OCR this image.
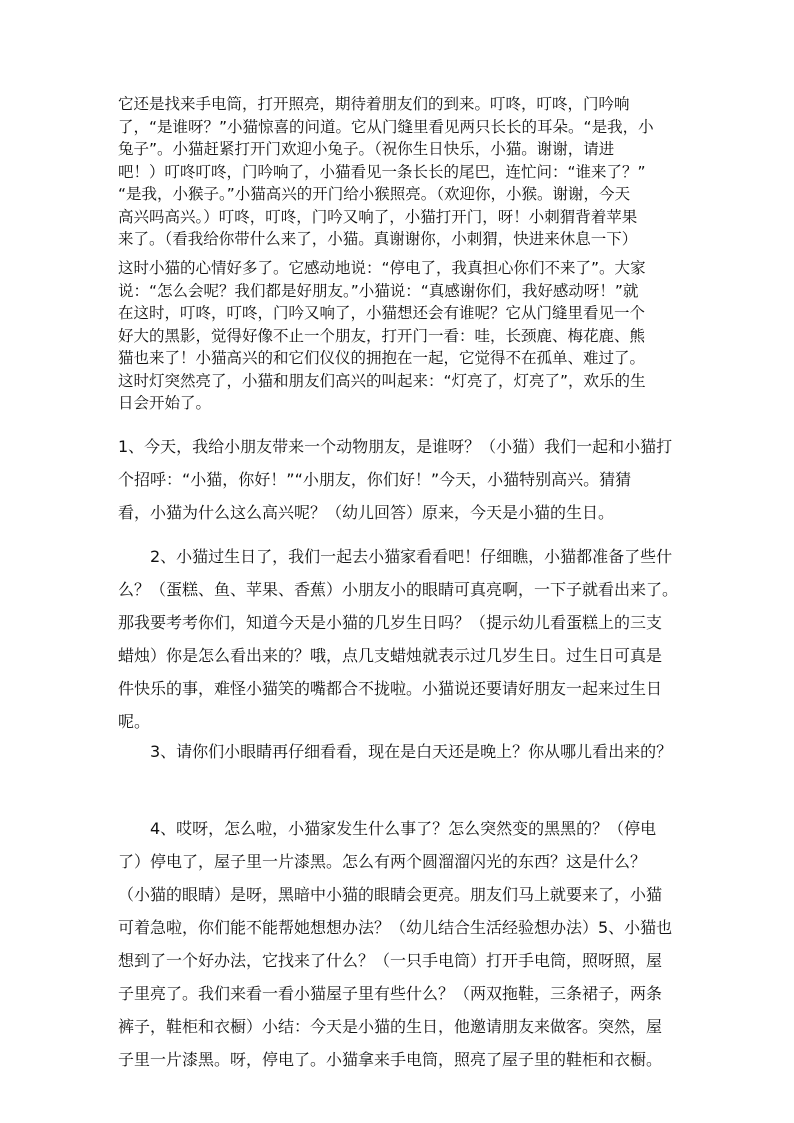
它还是找来手电筒，打开照亮，期待着朋友们的到来。叮咚，叮咚，门吟响
了，“是谁呀？”小猫惊喜的问道。它从门缝里看见两只长长的耳朵。“是我，小
兔子”。小猫赶紧打开门欢迎小兔子。（祝你生日快乐，小猫。谢谢，请进
吧！）叮咚叮咚，门吟响了，小猫看见一条长长的尾巴，连忙问：“谁来了？”
“是我，小猴子。”小猫高兴的开门给小猴照亮。（欢迎你，小猴。谢谢，今天
高兴吗高兴。）叮咚，叮咚，门吟又响了，小猫打开门，呀！小刺猬背着苹果
来了。（看我给你带什么来了，小猫。真谢谢你，小刺猬，快进来休息一下）
这时小猫的心情好多了。它感动地说：“停电了，我真担心你们不来了”。大家
说：“怎么会呢？我们都是好朋友。”小猫说：“真感谢你们，我好感动呀！”就
在这时，叮咚，叮咚，门吟又响了，小猫想还会有谁呢？它从门缝里看见一个
好大的黑影，觉得好像不止一个朋友，打开门一看：哇，长颈鹿、梅花鹿、熊
猫也来了！小猫高兴的和它们仪仪的拥抱在一起，它觉得不在孤单、难过了。
这时灯突然亮了，小猫和朋友们高兴的叫起来：“灯亮了，灯亮了”，欢乐的生
日会开始了。
1、今天，我给小朋友带来一个动物朋友，是谁呀？（小猫）我们一起和小猫打
个招呼：“小猫，你好！”“小朋友，你们好！”今天，小猫特别高兴。猜猜
看，小猫为什么这么高兴呢？（幼儿回答）原来，今天是小猫的生日。
　　2、小猫过生日了，我们一起去小猫家看看吧！仔细瞧，小猫都准备了些什
么？（蛋糕、鱼、苹果、香蕉）小朋友小的眼睛可真亮啊，一下子就看出来了。
那我要考考你们，知道今天是小猫的几岁生日吗？（提示幼儿看蛋糕上的三支
蜡烛）你是怎么看出来的？哦，点几支蜡烛就表示过几岁生日。过生日可真是
件快乐的事，难怪小猫笑的嘴都合不拢啦。小猫说还要请好朋友一起来过生日
呢。
　　3、请你们小眼睛再仔细看看，现在是白天还是晚上？你从哪儿看出来的？
　　4、哎呀，怎么啦，小猫家发生什么事了？怎么突然变的黑黑的？（停电
了）停电了，屋子里一片漆黑。怎么有两个圆溜溜闪光的东西？这是什么？
（小猫的眼睛）是呀，黑暗中小猫的眼睛会更亮。朋友们马上就要来了，小猫
可着急啦，你们能不能帮她想想办法？（幼儿结合生活经验想办法）5、小猫也
想到了一个好办法，它找来了什么？（一只手电筒）打开手电筒，照呀照，屋
子里亮了。我们来看一看小猫屋子里有些什么？（两双拖鞋，三条裙子，两条
裤子，鞋柜和衣橱）小结：今天是小猫的生日，他邀请朋友来做客。突然，屋
子里一片漆黑。呀，停电了。小猫拿来手电筒，照亮了屋子里的鞋柜和衣橱。
